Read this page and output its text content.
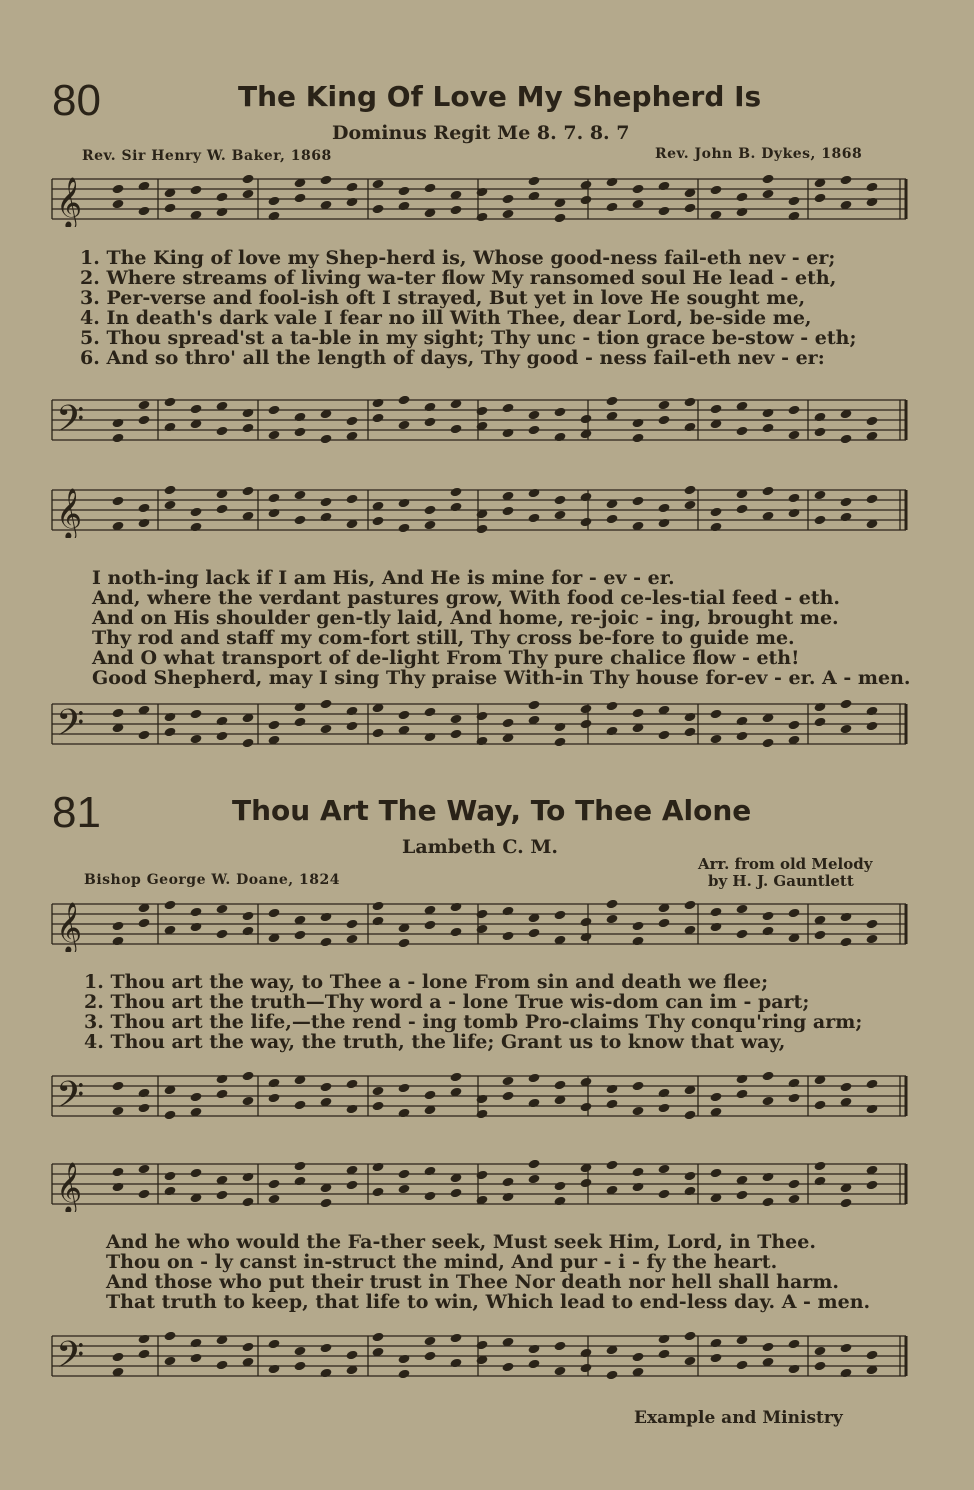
80	The King Of Love My Shepherd Is
Dominus Regit Me 8. 7. 8. 7
Rev. Sir Henry W. Baker, 1868	Rev. John B. Dykes, 1868
𝄞
1. The King of love my Shep-herd is, Whose good-ness fail-eth nev - er;
2. Where streams of living wa-ter flow My ransomed soul He lead - eth,
3. Per-verse and fool-ish oft I strayed, But yet in love He sought me,
4. In death's dark vale I fear no ill With Thee, dear Lord, be-side me,
5. Thou spread'st a ta-ble in my sight; Thy unc - tion grace be-stow - eth;
6. And so thro' all the length of days, Thy good - ness fail-eth nev - er:
𝄢
𝄞
I noth-ing lack if I am His, And He is mine for - ev - er.
And, where the verdant pastures grow, With food ce-les-tial feed - eth.
And on His shoulder gen-tly laid, And home, re-joic - ing, brought me.
Thy rod and staff my com-fort still, Thy cross be-fore to guide me.
And O what transport of de-light From Thy pure chalice flow - eth!
Good Shepherd, may I sing Thy praise With-in Thy house for-ev - er. A - men.
𝄢
81	Thou Art The Way, To Thee Alone
Lambeth C. M.
Bishop George W. Doane, 1824
Arr. from old Melody
by H. J. Gauntlett
𝄞
1. Thou art the way, to Thee a - lone From sin and death we flee;
2. Thou art the truth—Thy word a - lone True wis-dom can im - part;
3. Thou art the life,—the rend - ing tomb Pro-claims Thy conqu'ring arm;
4. Thou art the way, the truth, the life; Grant us to know that way,
𝄢
𝄞
And he who would the Fa-ther seek, Must seek Him, Lord, in Thee.
Thou on - ly canst in-struct the mind, And pur - i - fy the heart.
And those who put their trust in Thee Nor death nor hell shall harm.
That truth to keep, that life to win, Which lead to end-less day. A - men.
𝄢
Example and Ministry
